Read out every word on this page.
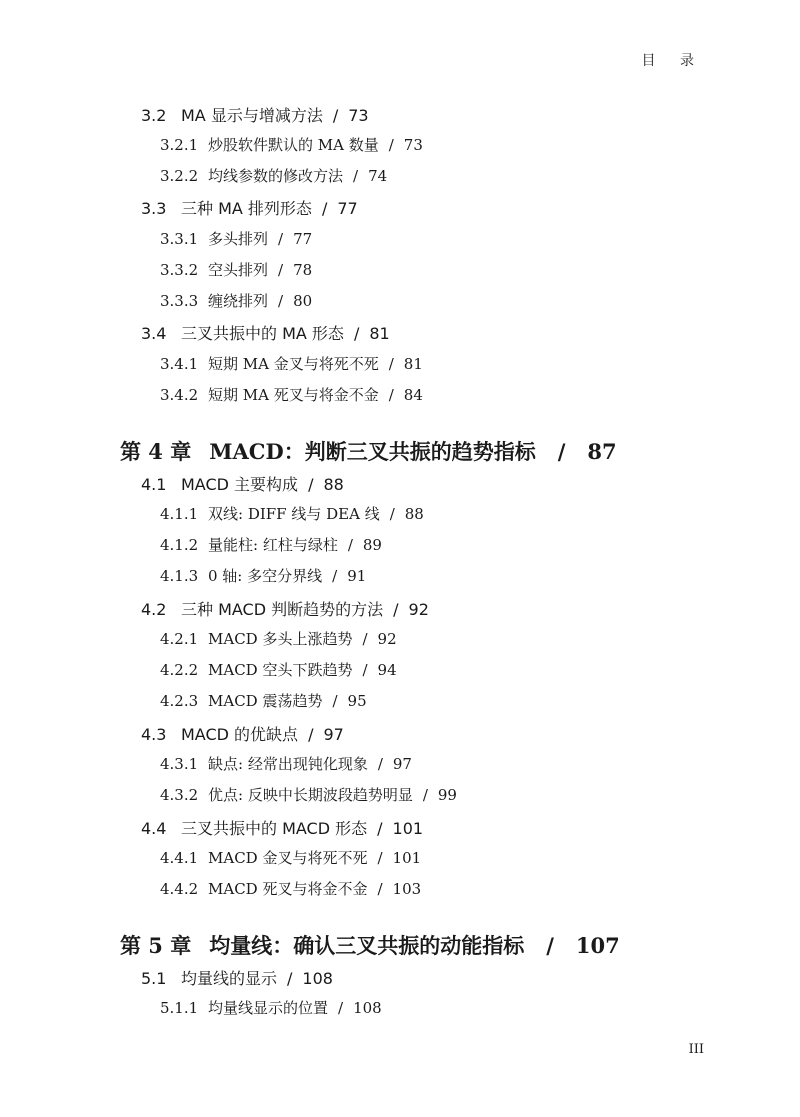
目 录
3.2 MA 显示与增减方法 / 73
3.2.1 炒股软件默认的 MA 数量 / 73
3.2.2 均线参数的修改方法 / 74
3.3 三种 MA 排列形态 / 77
3.3.1 多头排列 / 77
3.3.2 空头排列 / 78
3.3.3 缠绕排列 / 80
3.4 三叉共振中的 MA 形态 / 81
3.4.1 短期 MA 金叉与将死不死 / 81
3.4.2 短期 MA 死叉与将金不金 / 84
第 4 章 MACD：判断三叉共振的趋势指标 / 87
4.1 MACD 主要构成 / 88
4.1.1 双线: DIFF 线与 DEA 线 / 88
4.1.2 量能柱: 红柱与绿柱 / 89
4.1.3 0 轴: 多空分界线 / 91
4.2 三种 MACD 判断趋势的方法 / 92
4.2.1 MACD 多头上涨趋势 / 92
4.2.2 MACD 空头下跌趋势 / 94
4.2.3 MACD 震荡趋势 / 95
4.3 MACD 的优缺点 / 97
4.3.1 缺点: 经常出现钝化现象 / 97
4.3.2 优点: 反映中长期波段趋势明显 / 99
4.4 三叉共振中的 MACD 形态 / 101
4.4.1 MACD 金叉与将死不死 / 101
4.4.2 MACD 死叉与将金不金 / 103
第 5 章 均量线：确认三叉共振的动能指标 / 107
5.1 均量线的显示 / 108
5.1.1 均量线显示的位置 / 108
III
